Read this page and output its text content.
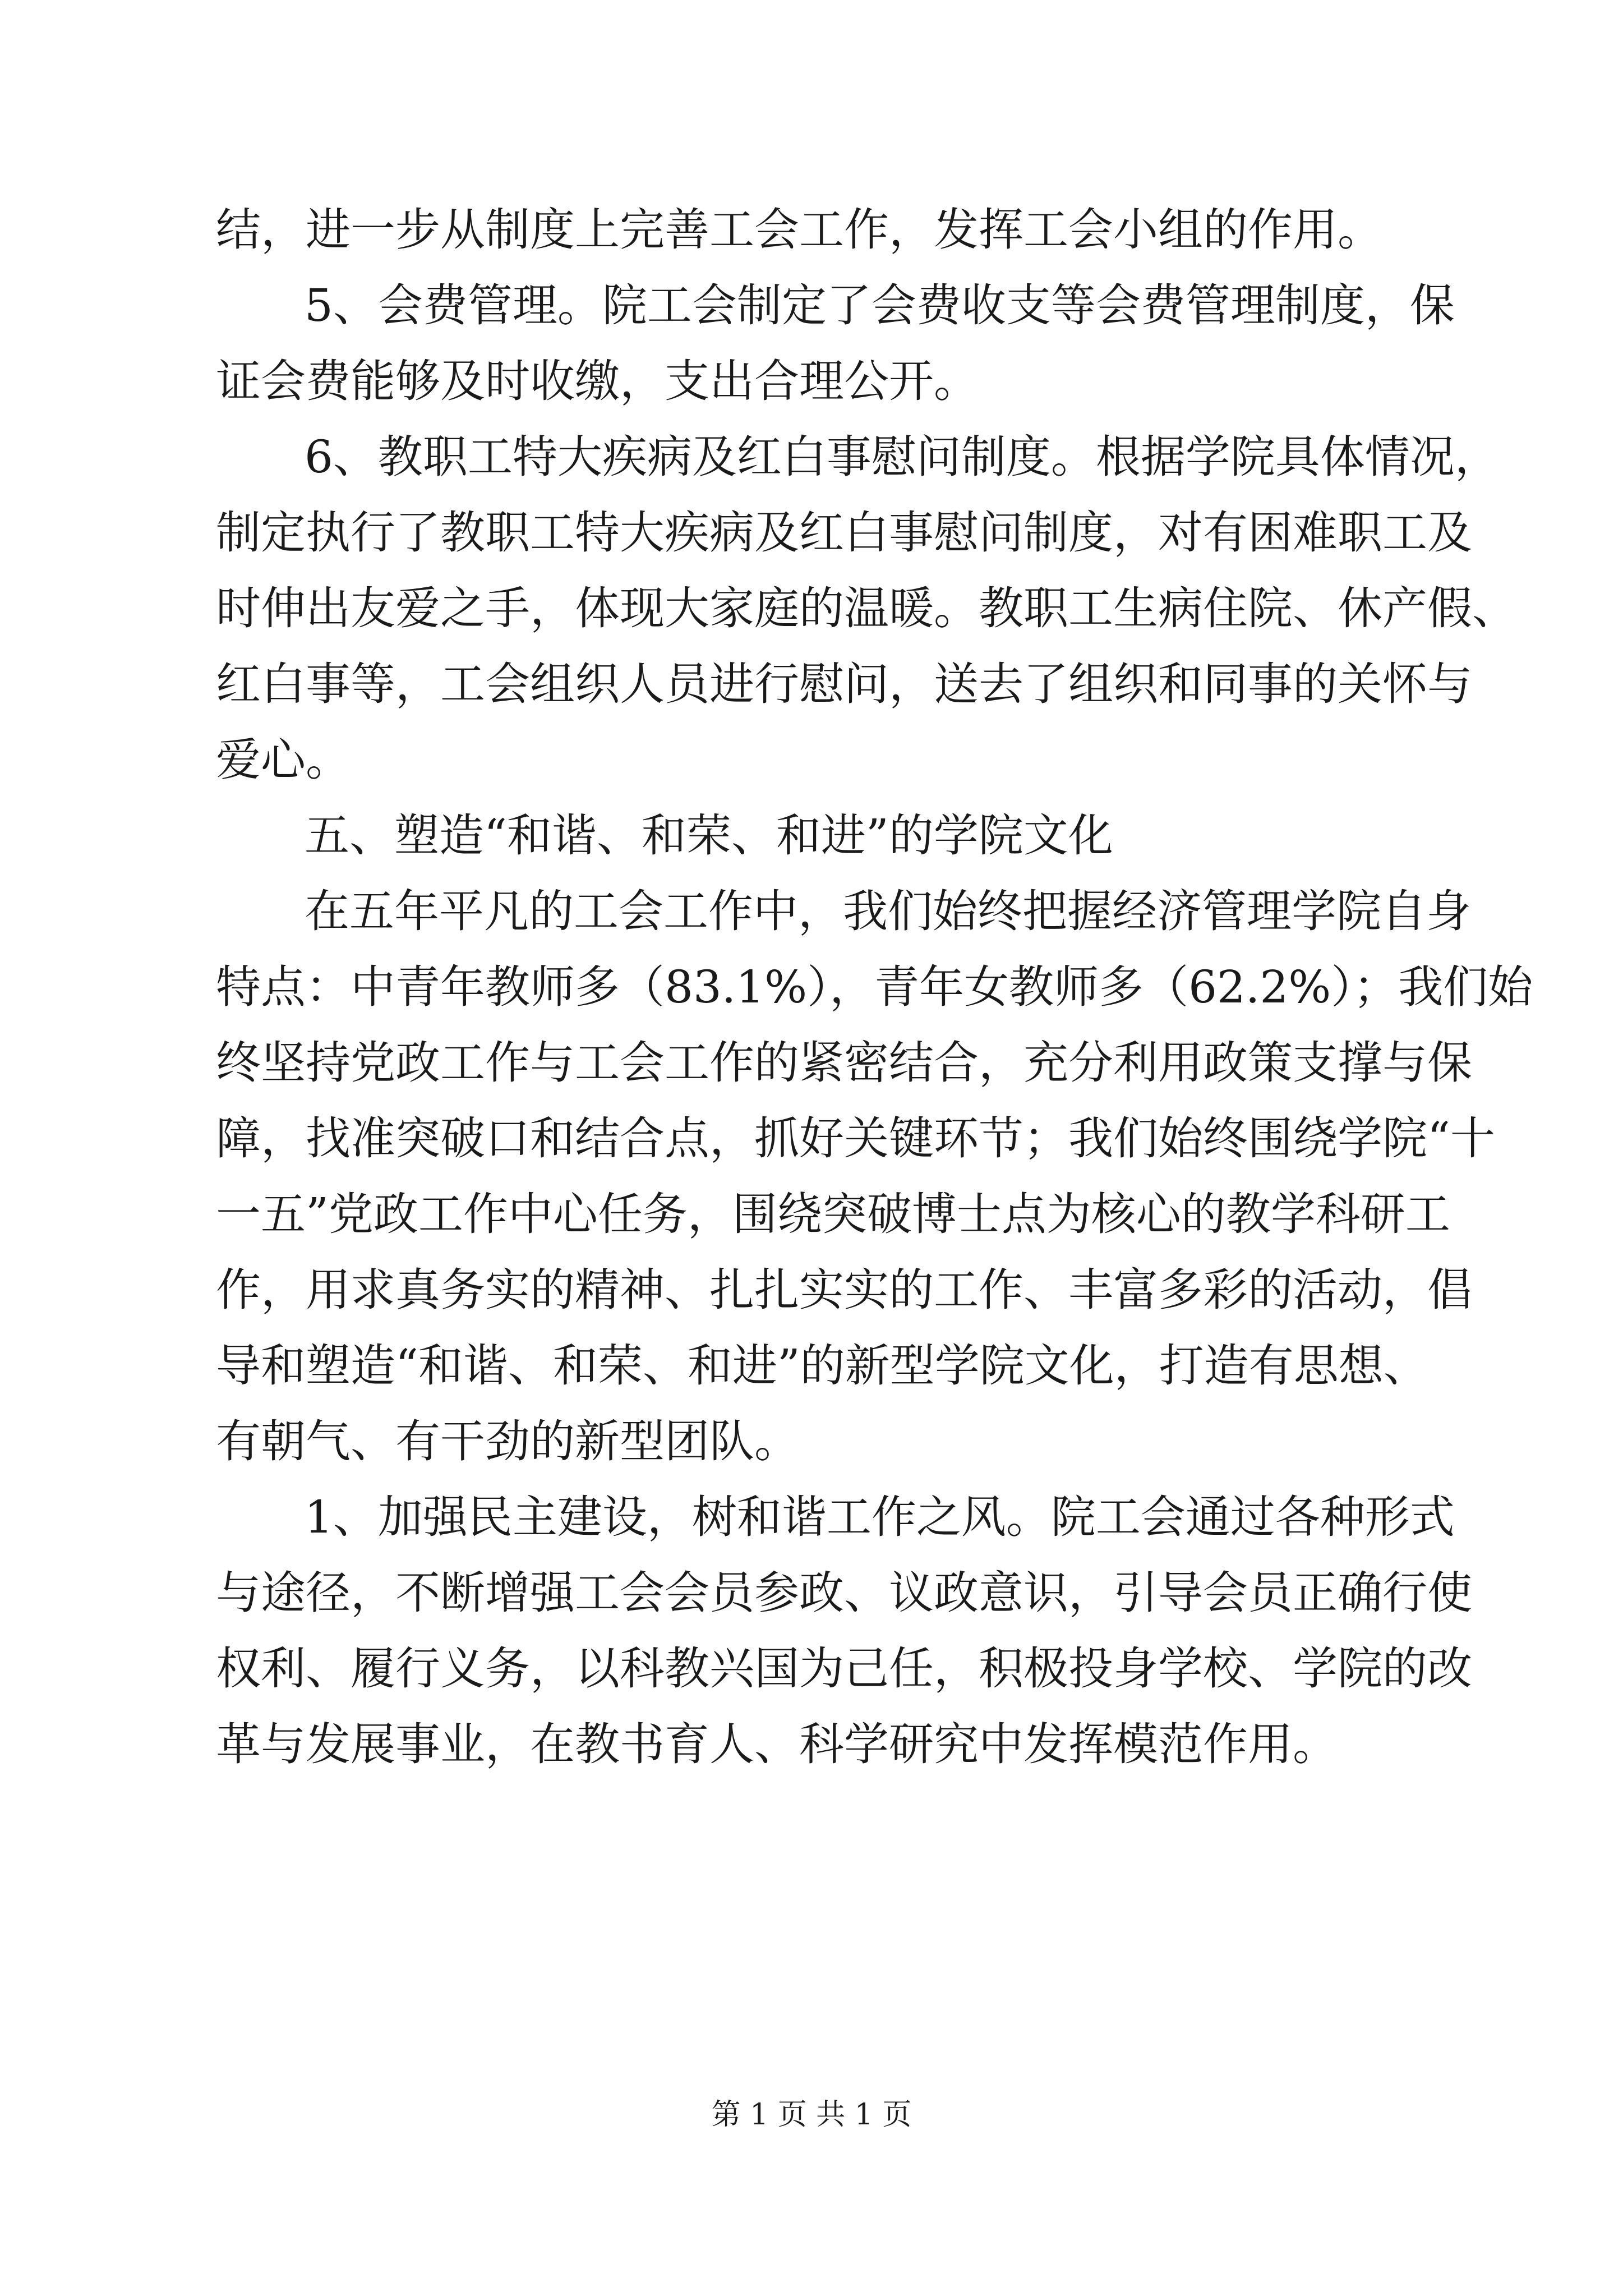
结，进一步从制度上完善工会工作，发挥工会小组的作用。
5、会费管理。院工会制定了会费收支等会费管理制度，保
证会费能够及时收缴，支出合理公开。
6、教职工特大疾病及红白事慰问制度。根据学院具体情况，
制定执行了教职工特大疾病及红白事慰问制度，对有困难职工及
时伸出友爱之手，体现大家庭的温暖。教职工生病住院、休产假、
红白事等，工会组织人员进行慰问，送去了组织和同事的关怀与
爱心。
五、塑造“和谐、和荣、和进”的学院文化
在五年平凡的工会工作中，我们始终把握经济管理学院自身
特点：中青年教师多（83.1%），青年女教师多（62.2%）；我们始
终坚持党政工作与工会工作的紧密结合，充分利用政策支撑与保
障，找准突破口和结合点，抓好关键环节；我们始终围绕学院“十
一五”党政工作中心任务，围绕突破博士点为核心的教学科研工
作，用求真务实的精神、扎扎实实的工作、丰富多彩的活动，倡
导和塑造“和谐、和荣、和进”的新型学院文化，打造有思想、
有朝气、有干劲的新型团队。
1、加强民主建设，树和谐工作之风。院工会通过各种形式
与途径，不断增强工会会员参政、议政意识，引导会员正确行使
权利、履行义务，以科教兴国为己任，积极投身学校、学院的改
革与发展事业，在教书育人、科学研究中发挥模范作用。
第 1 页 共 1 页
